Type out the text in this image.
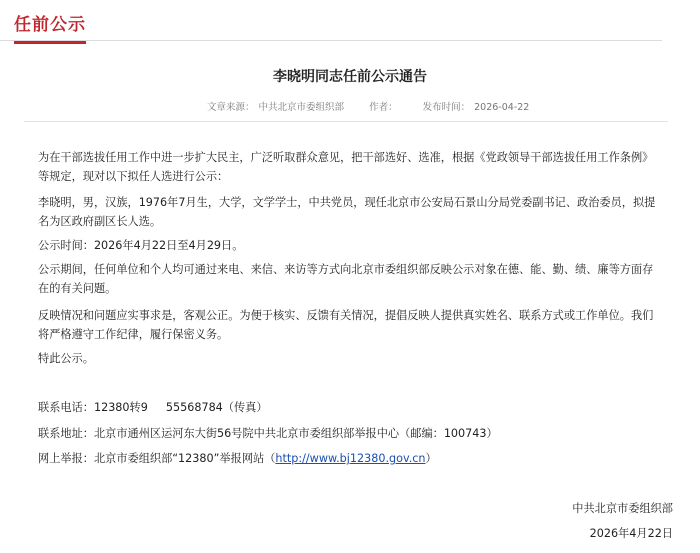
任前公示
李晓明同志任前公示通告
文章来源： 中共北京市委组织部	作者：	发布时间： 2026-04-22
为在干部选拔任用工作中进一步扩大民主，广泛听取群众意见，把干部选好、选准，根据《党政领导干部选拔任用工作条例》等规定，现对以下拟任人选进行公示：
李晓明，男，汉族，1976年7月生，大学，文学学士，中共党员，现任北京市公安局石景山分局党委副书记、政治委员，拟提名为区政府副区长人选。
公示时间：2026年4月22日至4月29日。
公示期间，任何单位和个人均可通过来电、来信、来访等方式向北京市委组织部反映公示对象在德、能、勤、绩、廉等方面存在的有关问题。
反映情况和问题应实事求是，客观公正。为便于核实、反馈有关情况，提倡反映人提供真实姓名、联系方式或工作单位。我们将严格遵守工作纪律，履行保密义务。
特此公示。
联系电话：12380转9 55568784（传真）
联系地址：北京市通州区运河东大街56号院中共北京市委组织部举报中心（邮编：100743）
网上举报：北京市委组织部“12380”举报网站（http://www.bj12380.gov.cn）
中共北京市委组织部
2026年4月22日
